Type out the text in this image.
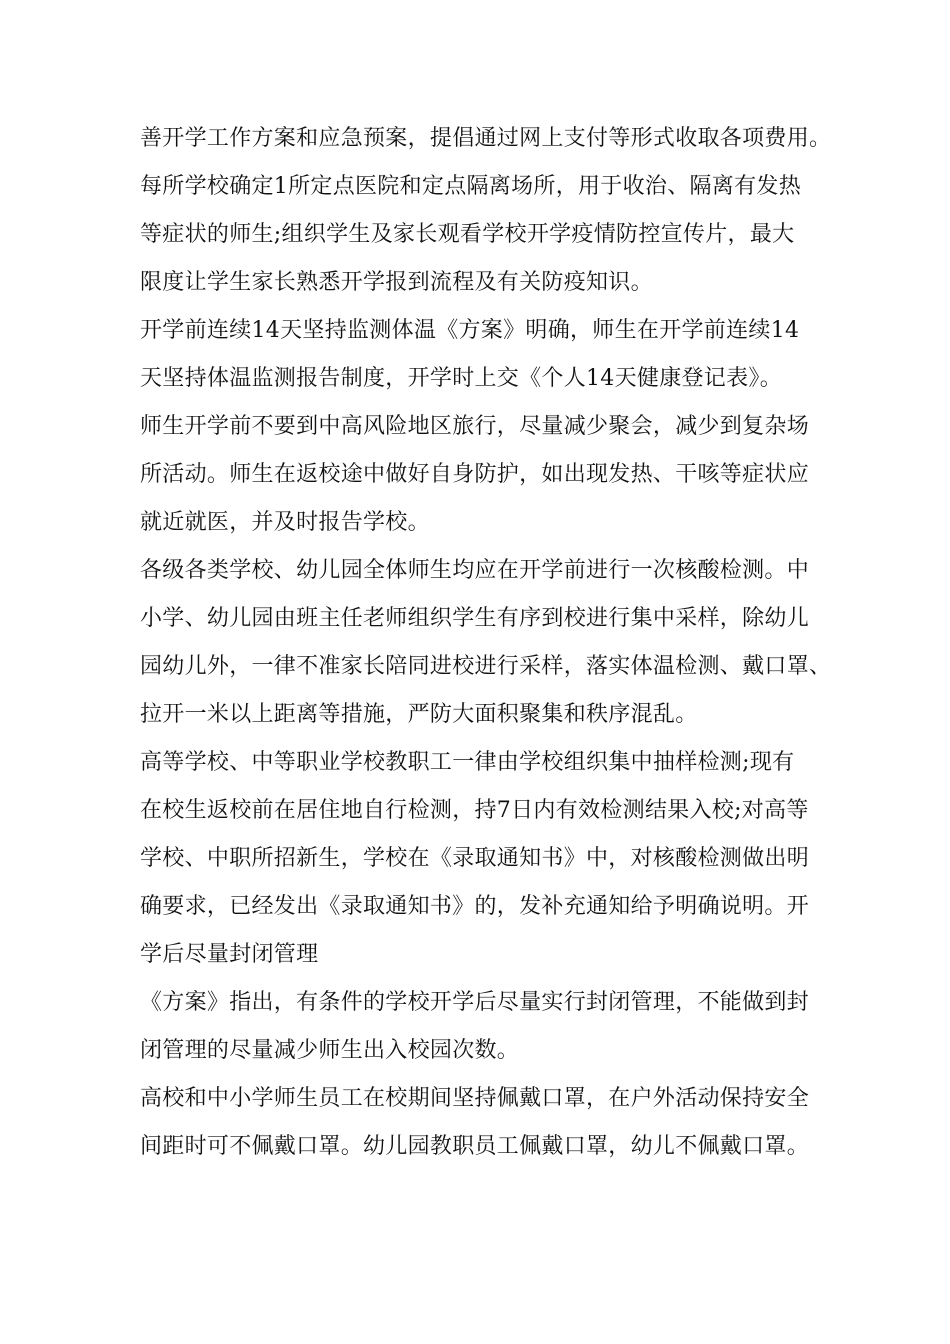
善开学工作方案和应急预案，提倡通过网上支付等形式收取各项费用。
每所学校确定1所定点医院和定点隔离场所，用于收治、隔离有发热
等症状的师生;组织学生及家长观看学校开学疫情防控宣传片，最大
限度让学生家长熟悉开学报到流程及有关防疫知识。
开学前连续14天坚持监测体温《方案》明确，师生在开学前连续14
天坚持体温监测报告制度，开学时上交《个人14天健康登记表》。
师生开学前不要到中高风险地区旅行，尽量减少聚会，减少到复杂场
所活动。师生在返校途中做好自身防护，如出现发热、干咳等症状应
就近就医，并及时报告学校。
各级各类学校、幼儿园全体师生均应在开学前进行一次核酸检测。中
小学、幼儿园由班主任老师组织学生有序到校进行集中采样，除幼儿
园幼儿外，一律不准家长陪同进校进行采样，落实体温检测、戴口罩、
拉开一米以上距离等措施，严防大面积聚集和秩序混乱。
高等学校、中等职业学校教职工一律由学校组织集中抽样检测;现有
在校生返校前在居住地自行检测，持7日内有效检测结果入校;对高等
学校、中职所招新生，学校在《录取通知书》中，对核酸检测做出明
确要求，已经发出《录取通知书》的，发补充通知给予明确说明。开
学后尽量封闭管理
《方案》指出，有条件的学校开学后尽量实行封闭管理，不能做到封
闭管理的尽量减少师生出入校园次数。
高校和中小学师生员工在校期间坚持佩戴口罩，在户外活动保持安全
间距时可不佩戴口罩。幼儿园教职员工佩戴口罩，幼儿不佩戴口罩。
